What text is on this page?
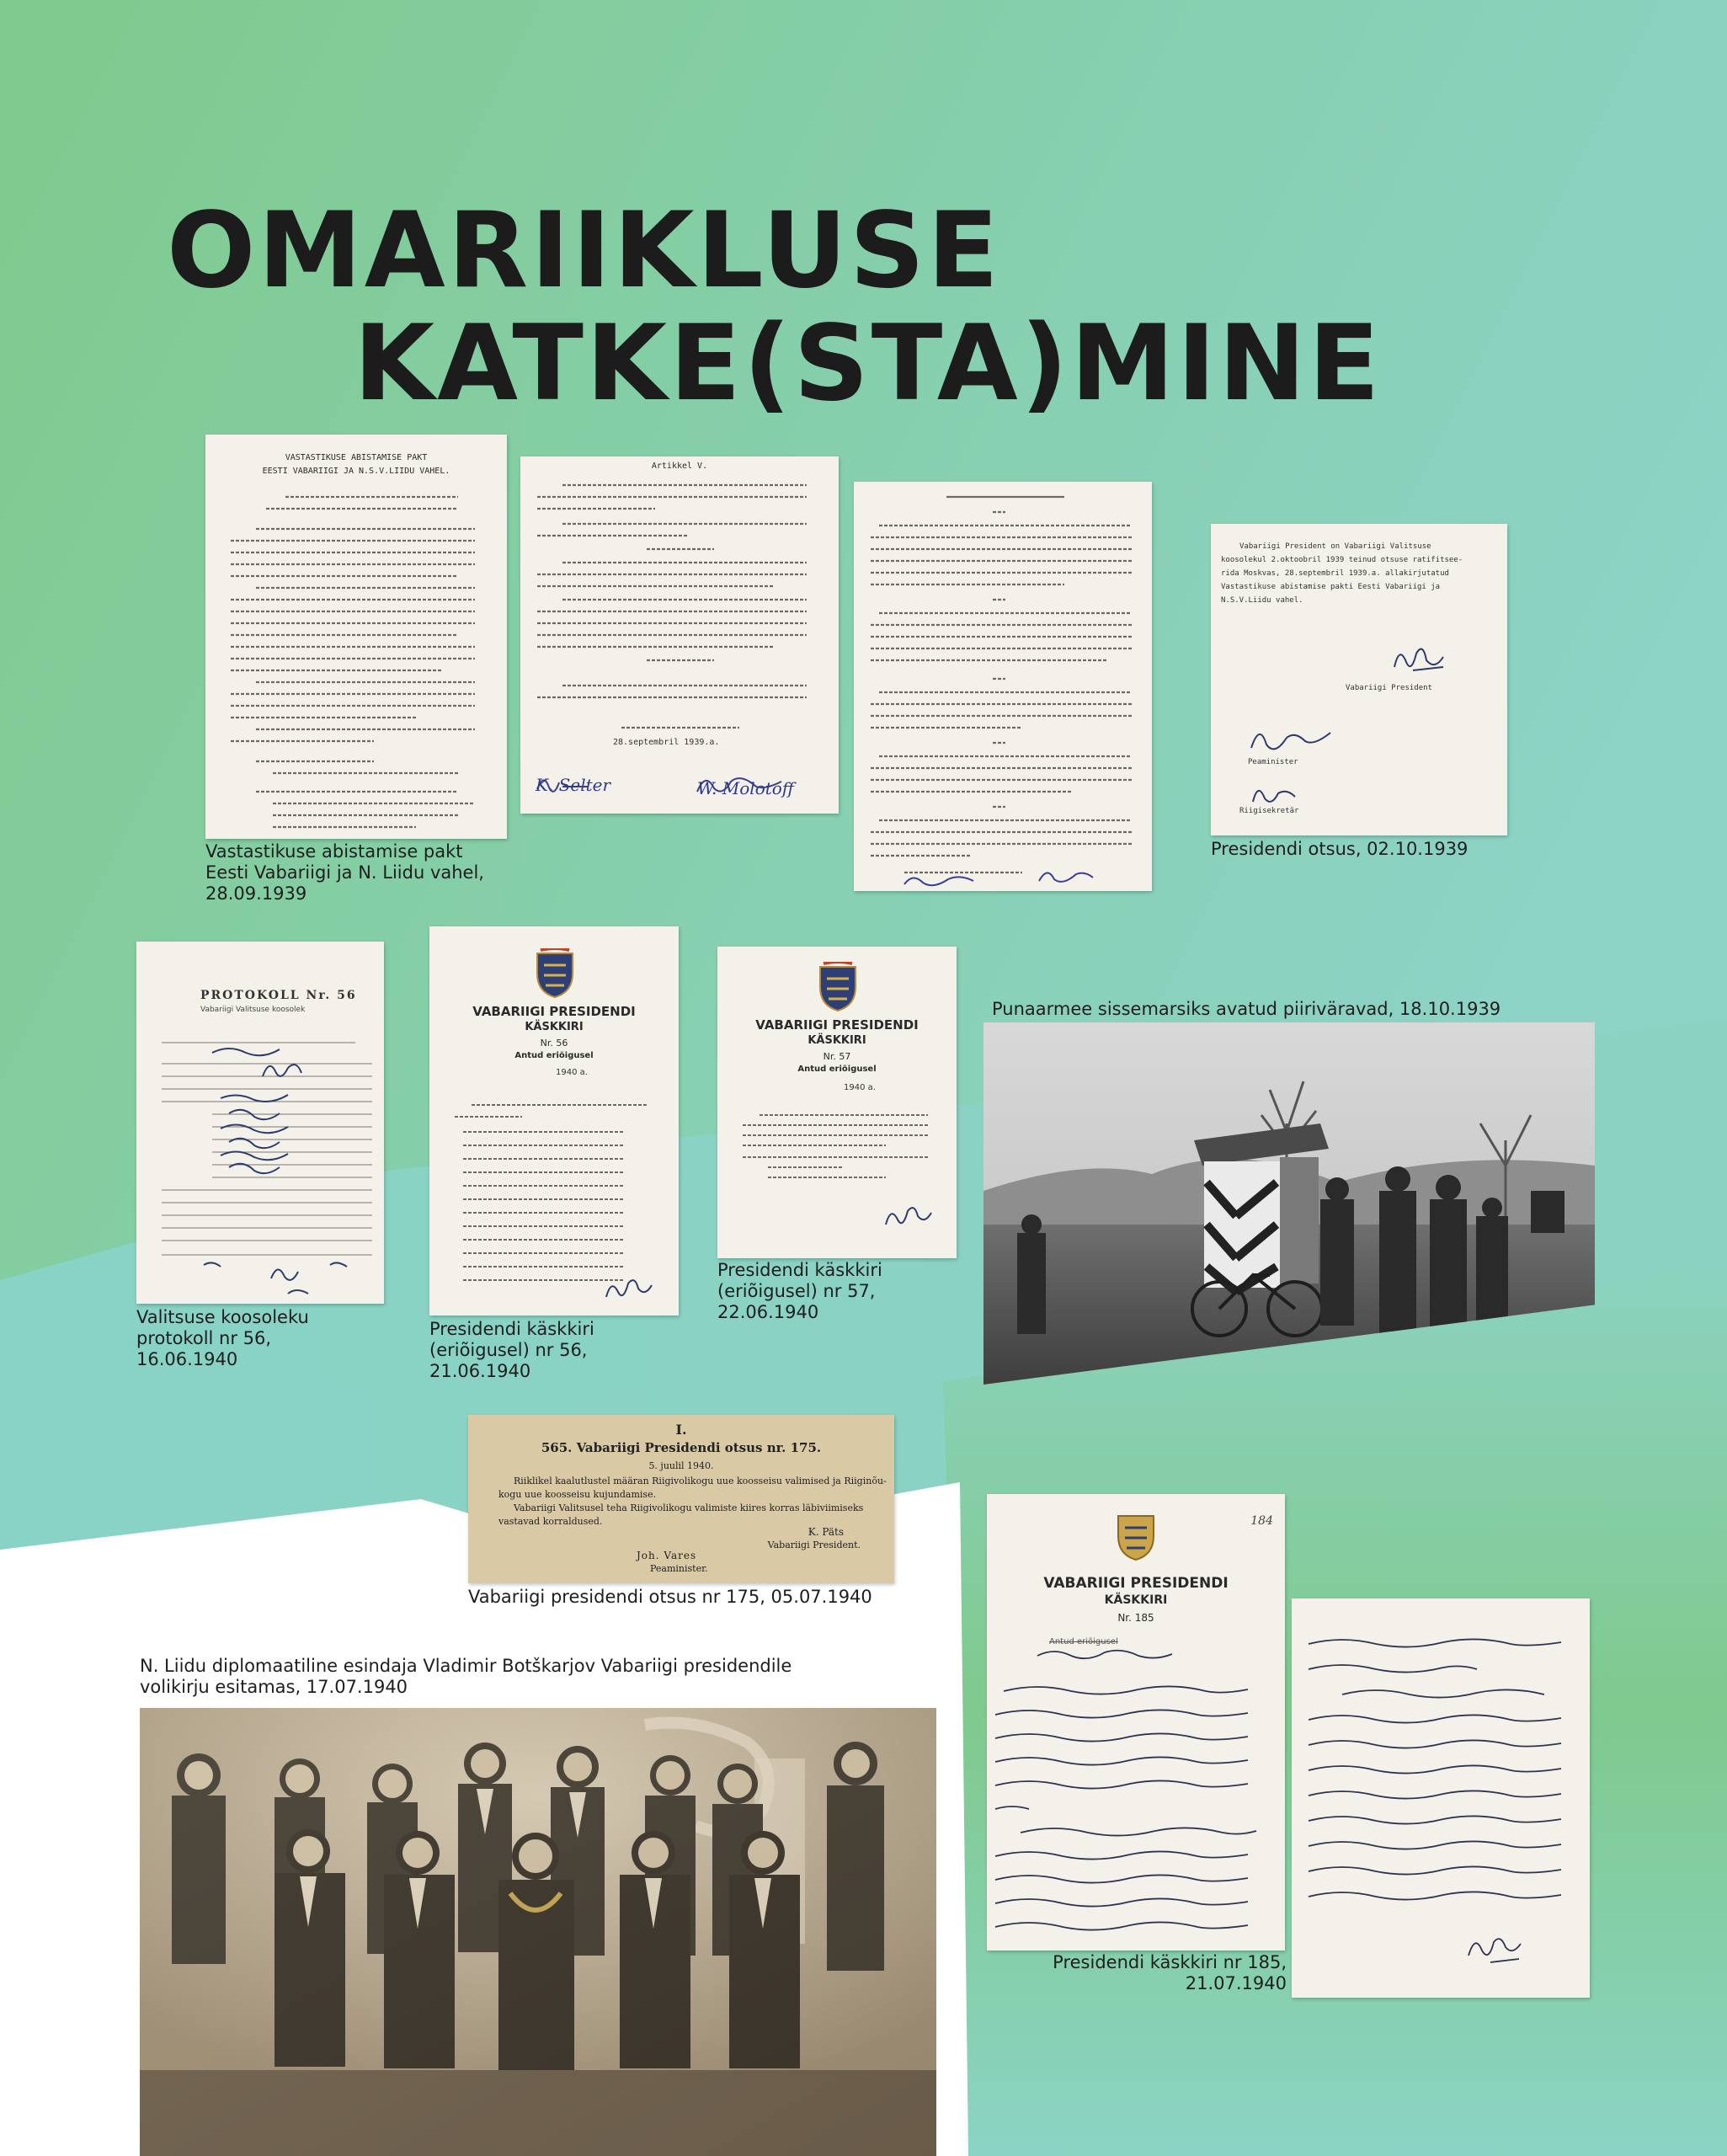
OMARIIKLUSE
KATKE(STA)MINE
VASTASTIKUSE ABISTAMISE PAKT
EESTI VABARIIGI JA N.S.V.LIIDU VAHEL.
Vastastikuse abistamise pakt
Eesti Vabariigi ja N. Liidu vahel,
28.09.1939
Artikkel V.
K. Selter	W. Molotoff
28.septembril 1939.a.
Vabariigi President on Vabariigi Valitsuse
koosolekul 2.oktoobril 1939 teinud otsuse ratifitsee-
rida Moskvas, 28.septembril 1939.a. allakirjutatud
Vastastikuse abistamise pakti Eesti Vabariigi ja
N.S.V.Liidu vahel.
Vabariigi President
Peaminister
Riigisekretär
Presidendi otsus, 02.10.1939
PROTOKOLL Nr. 56
Vabariigi Valitsuse koosolek
Valitsuse koosoleku
protokoll nr 56,
16.06.1940
VABARIIGI PRESIDENDI
KÄSKKIRI
Nr. 56
Antud eriõigusel
1940 a.
Presidendi käskkiri
(eriõigusel) nr 56,
21.06.1940
VABARIIGI PRESIDENDI
KÄSKKIRI
Nr. 57
Antud eriõigusel
1940 a.
Presidendi käskkiri
(eriõigusel) nr 57,
22.06.1940
Punaarmee sissemarsiks avatud piiriväravad, 18.10.1939
I.
565. Vabariigi Presidendi otsus nr. 175.
5. juulil 1940.
Riiklikel kaalutlustel määran Riigivolikogu uue koosseisu valimised ja Riiginõu-
kogu uue koosseisu kujundamise.
Vabariigi Valitsusel teha Riigivolikogu valimiste kiires korras läbiviimiseks
vastavad korraldused.
K. Päts
Vabariigi President.
Joh. Vares
Peaminister.
Vabariigi presidendi otsus nr 175, 05.07.1940
N. Liidu diplomaatiline esindaja Vladimir Botškarjov Vabariigi presidendile
volikirju esitamas, 17.07.1940
184
VABARIIGI PRESIDENDI
KÄSKKIRI
Nr. 185
Antud eriõigusel
Presidendi käskkiri nr 185,
21.07.1940
